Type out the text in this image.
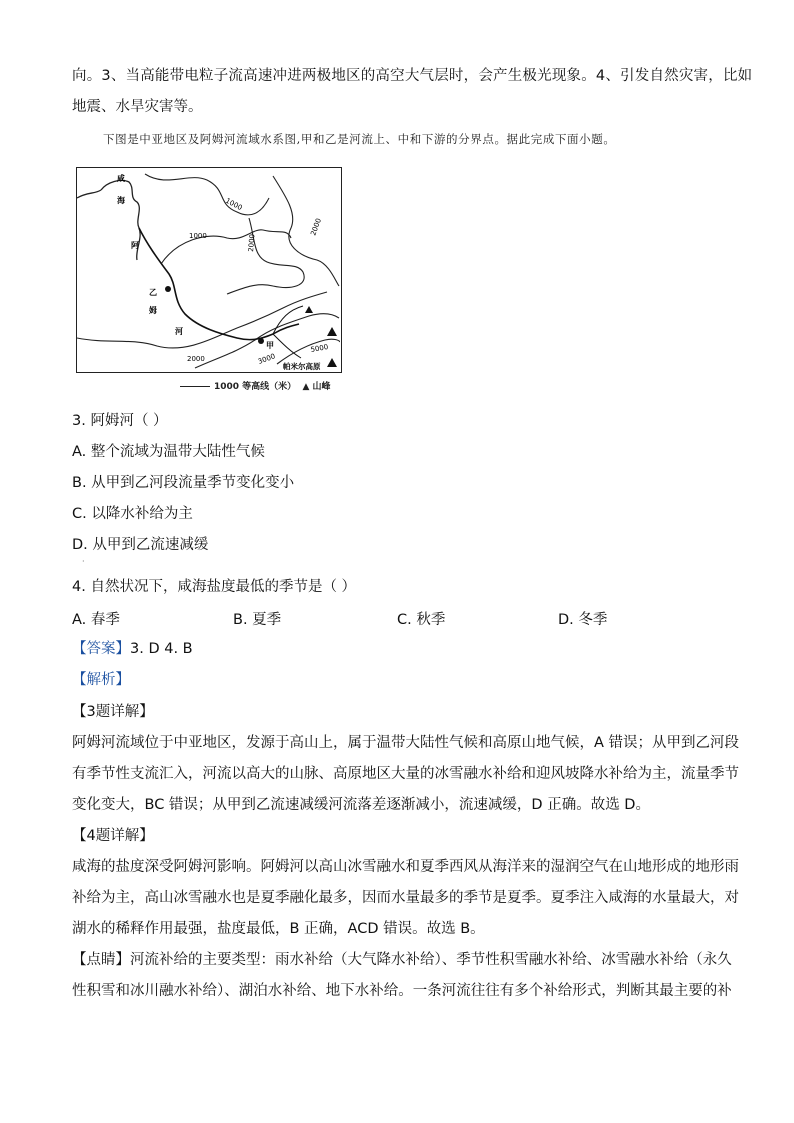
向。3、当高能带电粒子流高速冲进两极地区的高空大气层时，会产生极光现象。4、引发自然灾害，比如
地震、水旱灾害等。
下图是中亚地区及阿姆河流域水系图,甲和乙是河流上、中和下游的分界点。据此完成下面小题。
咸
海
阿
乙
姆
河
甲
帕米尔高原
1000
1000	2000
2000
2000	3000
5000
1000 等高线（米） ▲ 山峰
3. 阿姆河（ ）
A. 整个流域为温带大陆性气候
B. 从甲到乙河段流量季节变化变小
C. 以降水补给为主
D. 从甲到乙流速减缓
·
4. 自然状况下，咸海盐度最低的季节是（ ）
A. 春季	B. 夏季	C. 秋季	D. 冬季
【答案】3. D 4. B
【解析】
【3题详解】
阿姆河流域位于中亚地区，发源于高山上，属于温带大陆性气候和高原山地气候，A 错误；从甲到乙河段
有季节性支流汇入，河流以高大的山脉、高原地区大量的冰雪融水补给和迎风坡降水补给为主，流量季节
变化变大，BC 错误；从甲到乙流速减缓河流落差逐渐减小，流速减缓，D 正确。故选 D。
【4题详解】
咸海的盐度深受阿姆河影响。阿姆河以高山冰雪融水和夏季西风从海洋来的湿润空气在山地形成的地形雨
补给为主，高山冰雪融水也是夏季融化最多，因而水量最多的季节是夏季。夏季注入咸海的水量最大，对
湖水的稀释作用最强，盐度最低，B 正确，ACD 错误。故选 B。
【点睛】河流补给的主要类型：雨水补给（大气降水补给）、季节性积雪融水补给、冰雪融水补给（永久
性积雪和冰川融水补给）、湖泊水补给、地下水补给。一条河流往往有多个补给形式，判断其最主要的补
